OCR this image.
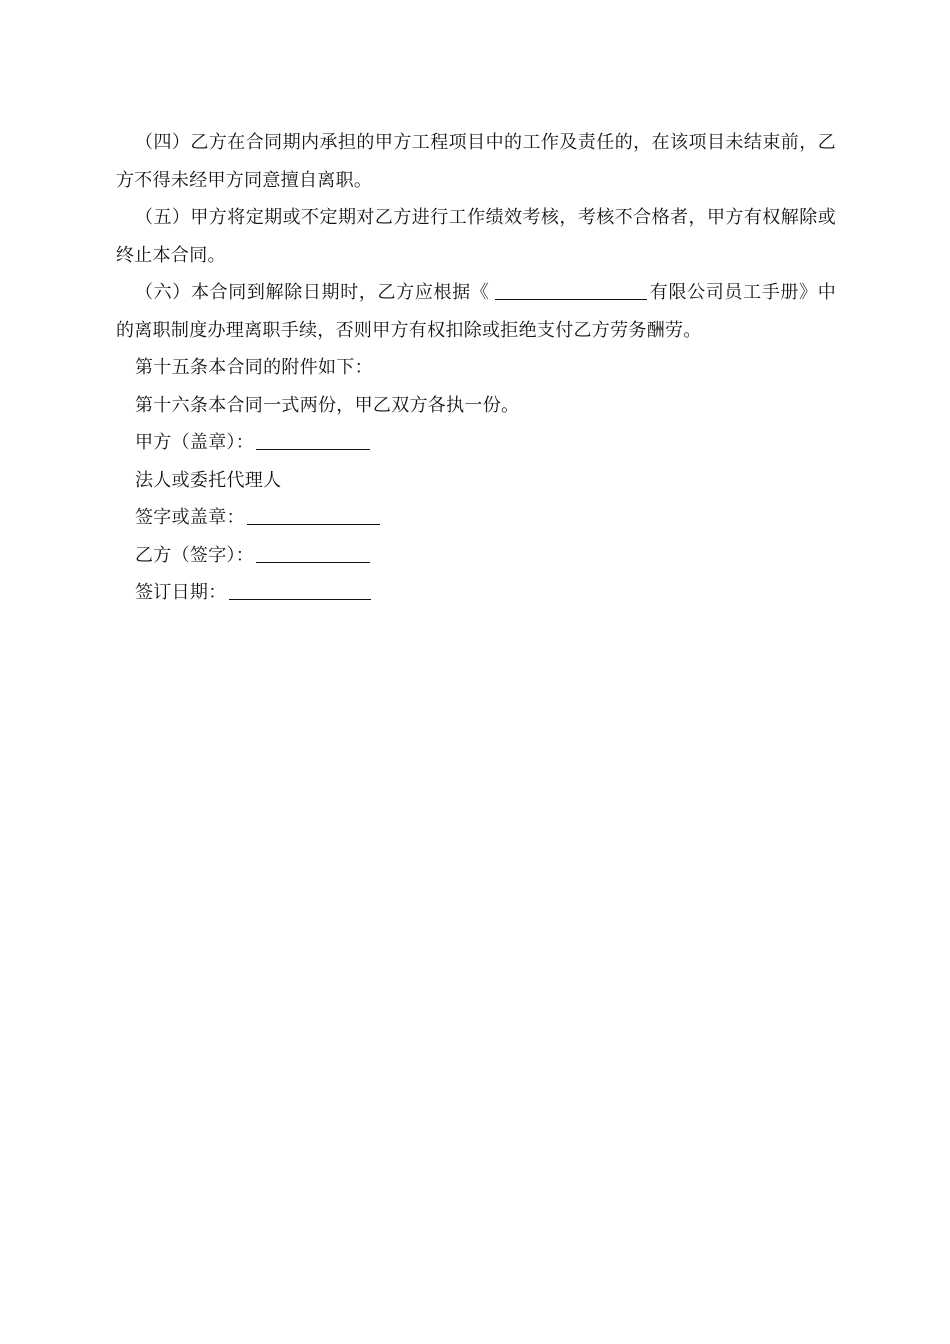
（四）乙方在合同期内承担的甲方工程项目中的工作及责任的，在该项目未结束前，乙方不得未经甲方同意擅自离职。

（五）甲方将定期或不定期对乙方进行工作绩效考核，考核不合格者，甲方有权解除或终止本合同。

（六）本合同到解除日期时，乙方应根据《	有限公司员工手册》中的离职制度办理离职手续，否则甲方有权扣除或拒绝支付乙方劳务酬劳。

第十五条本合同的附件如下：

第十六条本合同一式两份，甲乙双方各执一份。

甲方（盖章）：

法人或委托代理人

签字或盖章：

乙方（签字）：

签订日期：
